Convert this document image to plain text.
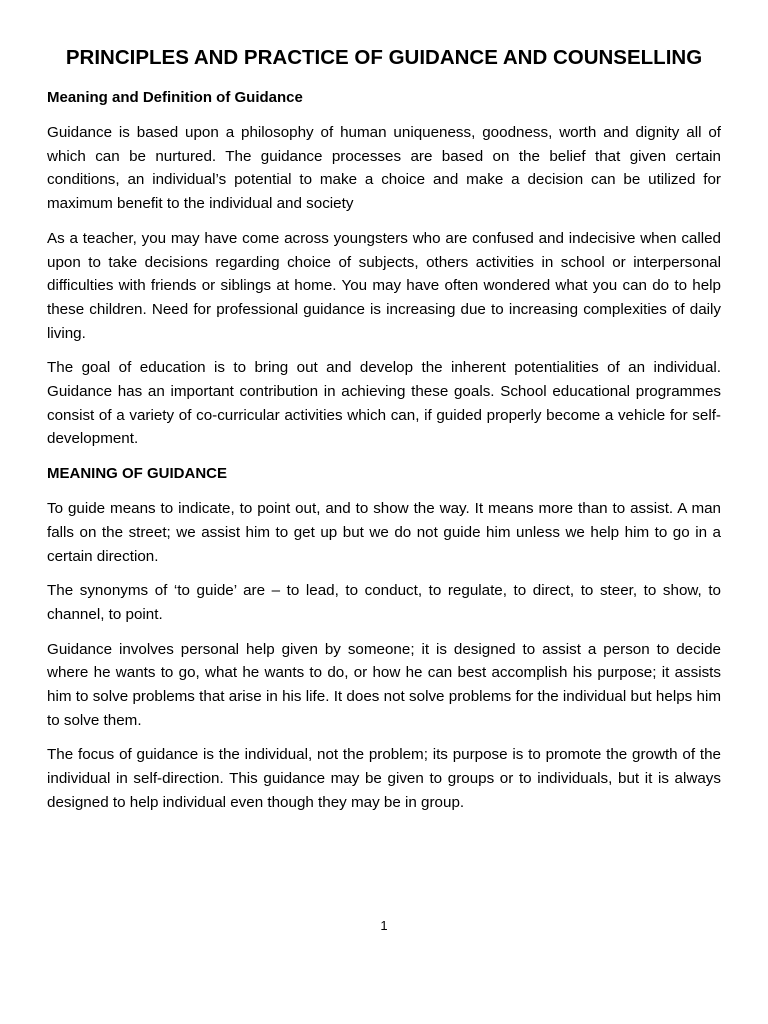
PRINCIPLES AND PRACTICE OF GUIDANCE AND COUNSELLING
Meaning and Definition of Guidance

Guidance is based upon a philosophy of human uniqueness, goodness, worth and dignity all of which can be nurtured. The guidance processes are based on the belief that given certain conditions, an individual’s potential to make a choice and make a decision can be utilized for maximum benefit to the individual and society

As a teacher, you may have come across youngsters who are confused and indecisive when called upon to take decisions regarding choice of subjects, others activities in school or interpersonal difficulties with friends or siblings at home. You may have often wondered what you can do to help these children. Need for professional guidance is increasing due to increasing complexities of daily living.

The goal of education is to bring out and develop the inherent potentialities of an individual. Guidance has an important contribution in achieving these goals. School educational programmes consist of a variety of co-curricular activities which can, if guided properly become a vehicle for self-development.

MEANING OF GUIDANCE

To guide means to indicate, to point out, and to show the way. It means more than to assist. A man falls on the street; we assist him to get up but we do not guide him unless we help him to go in a certain direction.

The synonyms of ‘to guide’ are – to lead, to conduct, to regulate, to direct, to steer, to show, to channel, to point.

Guidance involves personal help given by someone; it is designed to assist a person to decide where he wants to go, what he wants to do, or how he can best accomplish his purpose; it assists him to solve problems that arise in his life. It does not solve problems for the individual but helps him to solve them.

The focus of guidance is the individual, not the problem; its purpose is to promote the growth of the individual in self-direction. This guidance may be given to groups or to individuals, but it is always designed to help individual even though they may be in group.

1
